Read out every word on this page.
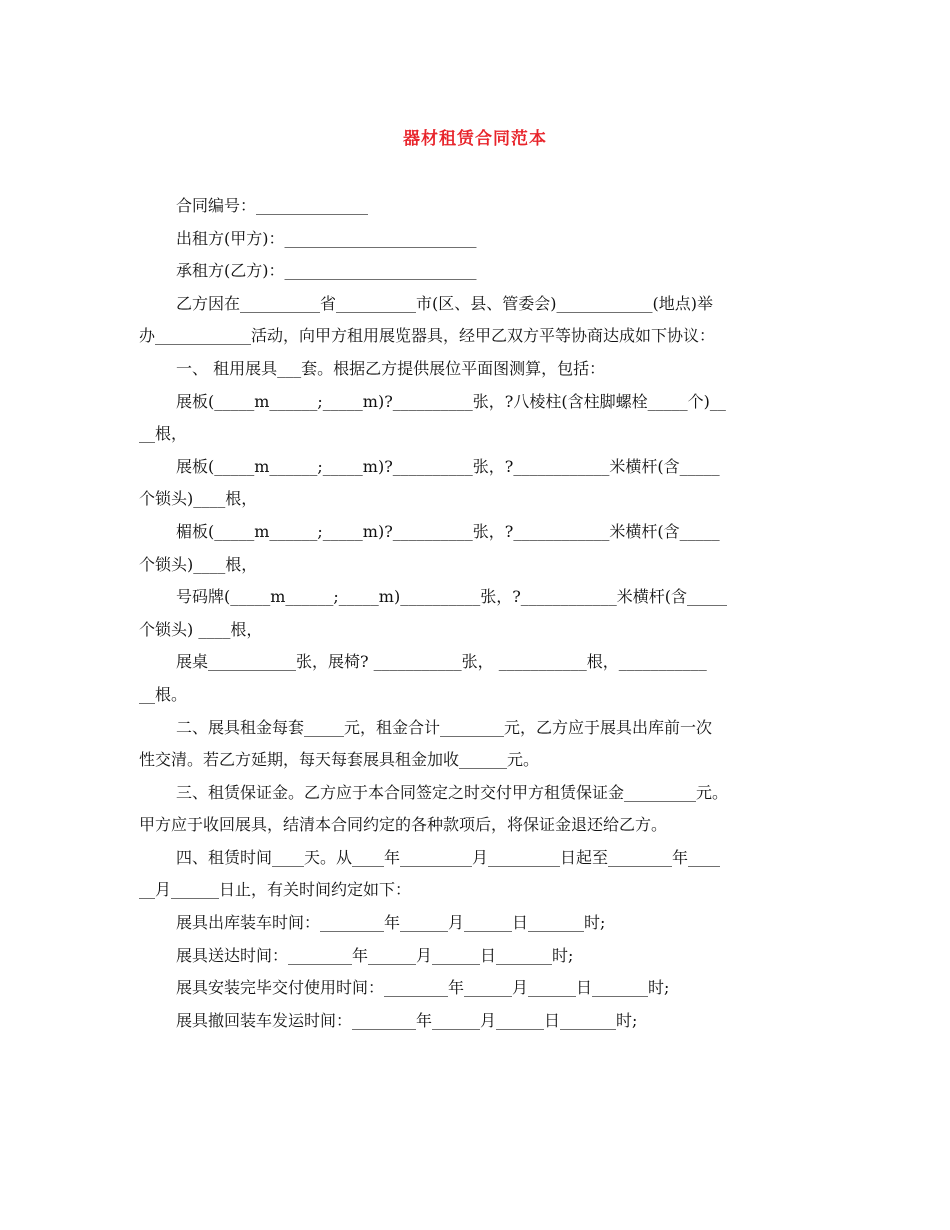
器材租赁合同范本
合同编号：______________
出租方(甲方)：________________________
承租方(乙方)：________________________
乙方因在__________省__________市(区、县、管委会)____________(地点)举
办____________活动，向甲方租用展览器具，经甲乙双方平等协商达成如下协议：
一、 租用展具___套。根据乙方提供展位平面图测算，包括：
展板(_____m______;_____m)?__________张，?八棱柱(含柱脚螺栓_____个)__
__根，
展板(_____m______;_____m)?__________张，?____________米横杆(含_____
个锁头)____根，
楣板(_____m______;_____m)?__________张，?____________米横杆(含_____
个锁头)____根，
号码牌(_____m______;_____m)__________张，?____________米横杆(含_____
个锁头) ____根，
展桌___________张，展椅? ___________张， ___________根，___________
__根。
二、展具租金每套_____元，租金合计________元，乙方应于展具出库前一次
性交清。若乙方延期，每天每套展具租金加收______元。
三、租赁保证金。乙方应于本合同签定之时交付甲方租赁保证金_________元。
甲方应于收回展具，结清本合同约定的各种款项后，将保证金退还给乙方。
四、租赁时间____天。从____年_________月_________日起至________年____
__月______日止，有关时间约定如下：
展具出库装车时间：________年______月______日_______时;
展具送达时间：________年______月______日_______时;
展具安装完毕交付使用时间：________年______月______日_______时;
展具撤回装车发运时间：________年______月______日_______时;
